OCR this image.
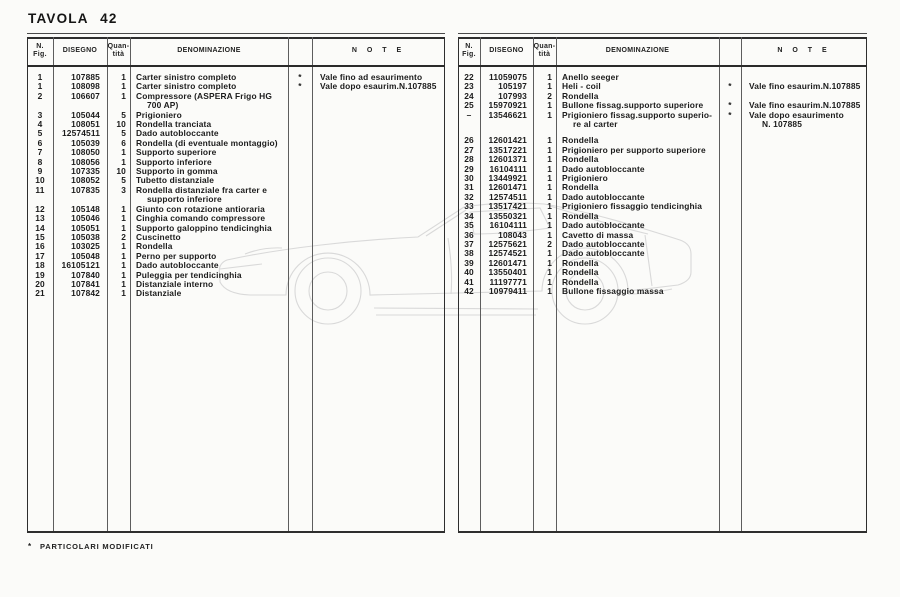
TAVOLA 42
N.
Fig.
DISEGNO
Quan-
tità
DENOMINAZIONE	N O T E
1	107885	1	Carter sinistro completo	*	Vale fino ad esaurimento
1	108098	1	Carter sinistro completo	*	Vale dopo esaurim.N.107885
2	106607	1	Compressore (ASPERA Frigo HG
700 AP)
3	105044	5	Prigioniero
4	108051	10	Rondella tranciata
5	12574511	5	Dado autobloccante
6	105039	6	Rondella (di eventuale montaggio)
7	108050	1	Supporto superiore
8	108056	1	Supporto inferiore
9	107335	10	Supporto in gomma
10	108052	5	Tubetto distanziale
11	107835	3	Rondella distanziale fra carter e
supporto inferiore
12	105148	1	Giunto con rotazione antioraria
13	105046	1	Cinghia comando compressore
14	105051	1	Supporto galoppino tendicinghia
15	105038	2	Cuscinetto
16	103025	1	Rondella
17	105048	1	Perno per supporto
18	16105121	1	Dado autobloccante
19	107840	1	Puleggia per tendicinghia
20	107841	1	Distanziale interno
21	107842	1	Distanziale
N.
Fig.
DISEGNO
Quan-
tità
DENOMINAZIONE	N O T E
22	11059075	1	Anello seeger
23	105197	1	Heli - coil	*	Vale fino esaurim.N.107885
24	107993	2	Rondella
25	15970921	1	Bullone fissag.supporto superiore	*	Vale fino esaurim.N.107885
–	13546621	1	Prigioniero fissag.supporto superio-
re al carter
*	Vale dopo esaurimento
N. 107885
26	12601421	1	Rondella
27	13517221	1	Prigioniero per supporto superiore
28	12601371	1	Rondella
29	16104111	1	Dado autobloccante
30	13449921	1	Prigioniero
31	12601471	1	Rondella
32	12574511	1	Dado autobloccante
33	13517421	1	Prigioniero fissaggio tendicinghia
34	13550321	1	Rondella
35	16104111	1	Dado autobloccante
36	108043	1	Cavetto di massa
37	12575621	2	Dado autobloccante
38	12574521	1	Dado autobloccante
39	12601471	1	Rondella
40	13550401	1	Rondella
41	11197771	1	Rondella
42	10979411	1	Bullone fissaggio massa
*	PARTICOLARI MODIFICATI
